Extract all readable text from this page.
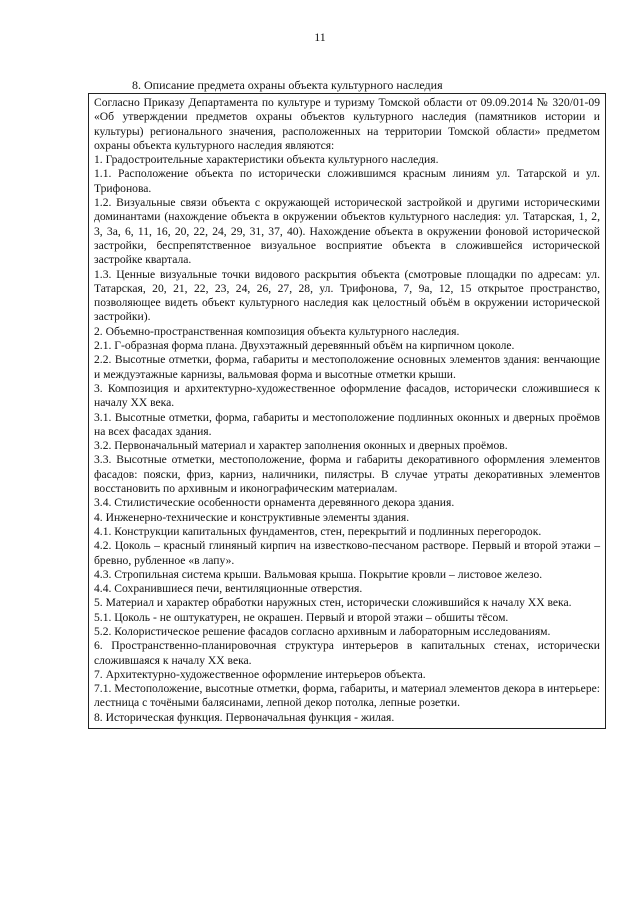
11
8. Описание предмета охраны объекта культурного наследия

Согласно Приказу Департамента по культуре и туризму Томской области от 09.09.2014 № 320/01-09 «Об утверждении предметов охраны объектов культурного наследия (памятников истории и культуры) регионального значения, расположенных на территории Томской области» предметом охраны объекта культурного наследия являются:

1. Градостроительные характеристики объекта культурного наследия.

1.1. Расположение объекта по исторически сложившимся красным линиям ул. Татарской и ул. Трифонова.

1.2. Визуальные связи объекта с окружающей исторической застройкой и другими историческими доминантами (нахождение объекта в окружении объектов культурного наследия: ул. Татарская, 1, 2, 3, 3а, 6, 11, 16, 20, 22, 24, 29, 31, 37, 40). Нахождение объекта в окружении фоновой исторической застройки, беспрепятственное визуальное восприятие объекта в сложившейся исторической застройке квартала.

1.3. Ценные визуальные точки видового раскрытия объекта (смотровые площадки по адресам: ул. Татарская, 20, 21, 22, 23, 24, 26, 27, 28, ул. Трифонова, 7, 9а, 12, 15 открытое пространство, позволяющее видеть объект культурного наследия как целостный объём в окружении исторической застройки).

2. Объемно-пространственная композиция объекта культурного наследия.

2.1. Г-образная форма плана. Двухэтажный деревянный объём на кирпичном цоколе.

2.2. Высотные отметки, форма, габариты и местоположение основных элементов здания: венчающие и междуэтажные карнизы, вальмовая форма и высотные отметки крыши.

3. Композиция и архитектурно-художественное оформление фасадов, исторически сложившиеся к началу ХХ века.

3.1. Высотные отметки, форма, габариты и местоположение подлинных оконных и дверных проёмов на всех фасадах здания.

3.2. Первоначальный материал и характер заполнения оконных и дверных проёмов.

3.3. Высотные отметки, местоположение, форма и габариты декоративного оформления элементов фасадов: пояски, фриз, карниз, наличники, пилястры. В случае утраты декоративных элементов восстановить по архивным и иконографическим материалам.

3.4. Стилистические особенности орнамента деревянного декора здания.

4. Инженерно-технические и конструктивные элементы здания.

4.1. Конструкции капитальных фундаментов, стен, перекрытий и подлинных перегородок.

4.2. Цоколь – красный глиняный кирпич на известково-песчаном растворе. Первый и второй этажи – бревно, рубленное «в лапу».

4.3. Стропильная система крыши. Вальмовая крыша. Покрытие кровли – листовое железо.

4.4. Сохранившиеся печи, вентиляционные отверстия.

5. Материал и характер обработки наружных стен, исторически сложившийся к началу ХХ века.

5.1. Цоколь - не оштукатурен, не окрашен. Первый и второй этажи – обшиты тёсом.

5.2. Колористическое решение фасадов согласно архивным и лабораторным исследованиям.

6. Пространственно-планировочная структура интерьеров в капитальных стенах, исторически сложившаяся к началу ХХ века.

7. Архитектурно-художественное оформление интерьеров объекта.

7.1. Местоположение, высотные отметки, форма, габариты, и материал элементов декора в интерьере: лестница с точёными балясинами, лепной декор потолка, лепные розетки.

8. Историческая функция. Первоначальная функция - жилая.
